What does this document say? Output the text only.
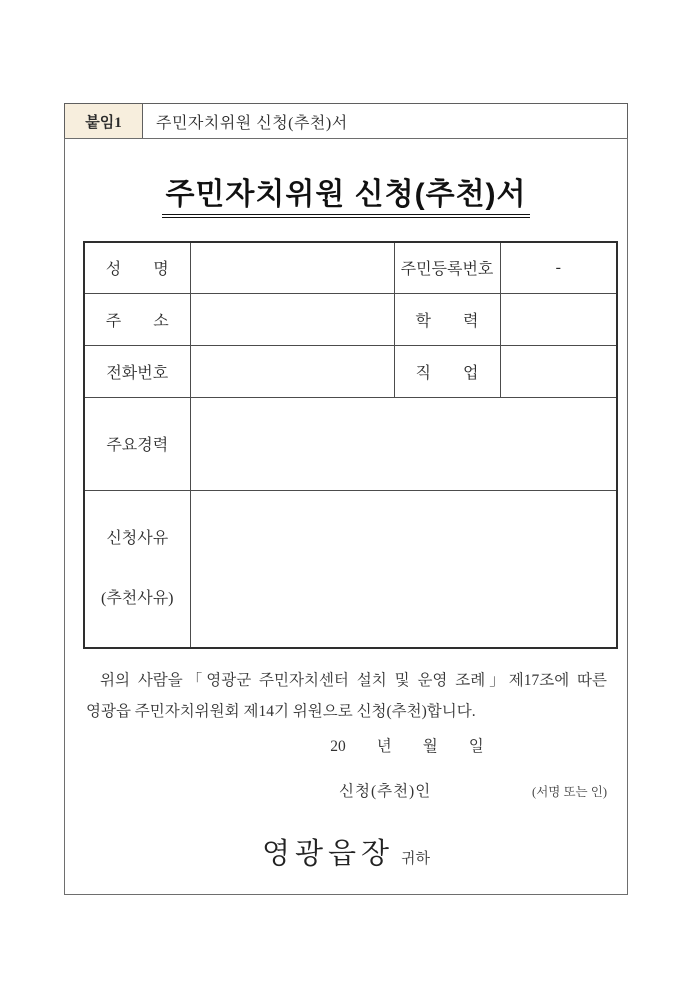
붙임1	주민자치위원 신청(추천)서
주민자치위원 신청(추천)서
성　　명		주민등록번호	-
주　　소		학　　력	
전화번호		직　　업	
주요경력			

신청사유

(추천사유)			

위의 사람을「영광군 주민자치센터 설치 및 운영 조례」제17조에 따른
영광읍 주민자치위원회 제14기 위원으로 신청(추천)합니다.
20　　년　　월　　일
신청(추천)인	(서명 또는 인)
영광읍장 귀하
